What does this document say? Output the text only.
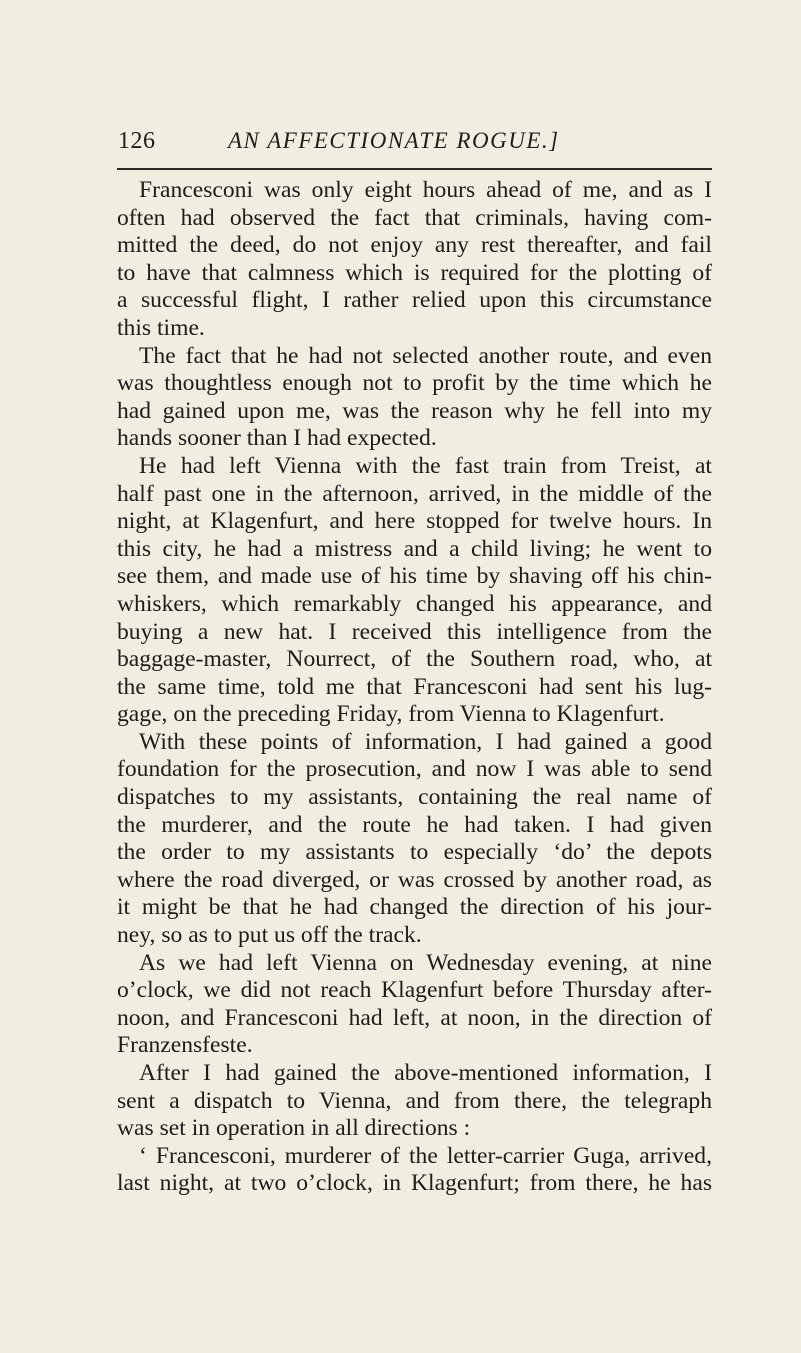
126	AN AFFECTIONATE ROGUE.]
Francesconi was only eight hours ahead of me, and as I
often had observed the fact that criminals, having com-
mitted the deed, do not enjoy any rest thereafter, and fail
to have that calmness which is required for the plotting of
a successful flight, I rather relied upon this circumstance
this time.
The fact that he had not selected another route, and even
was thoughtless enough not to profit by the time which he
had gained upon me, was the reason why he fell into my
hands sooner than I had expected.
He had left Vienna with the fast train from Treist, at
half past one in the afternoon, arrived, in the middle of the
night, at Klagenfurt, and here stopped for twelve hours. In
this city, he had a mistress and a child living; he went to
see them, and made use of his time by shaving off his chin-
whiskers, which remarkably changed his appearance, and
buying a new hat. I received this intelligence from the
baggage-master, Nourrect, of the Southern road, who, at
the same time, told me that Francesconi had sent his lug-
gage, on the preceding Friday, from Vienna to Klagenfurt.
With these points of information, I had gained a good
foundation for the prosecution, and now I was able to send
dispatches to my assistants, containing the real name of
the murderer, and the route he had taken. I had given
the order to my assistants to especially ‘do’ the depots
where the road diverged, or was crossed by another road, as
it might be that he had changed the direction of his jour-
ney, so as to put us off the track.
As we had left Vienna on Wednesday evening, at nine
o’clock, we did not reach Klagenfurt before Thursday after-
noon, and Francesconi had left, at noon, in the direction of
Franzensfeste.
After I had gained the above-mentioned information, I
sent a dispatch to Vienna, and from there, the telegraph
was set in operation in all directions :
‘ Francesconi, murderer of the letter-carrier Guga, arrived,
last night, at two o’clock, in Klagenfurt; from there, he has
